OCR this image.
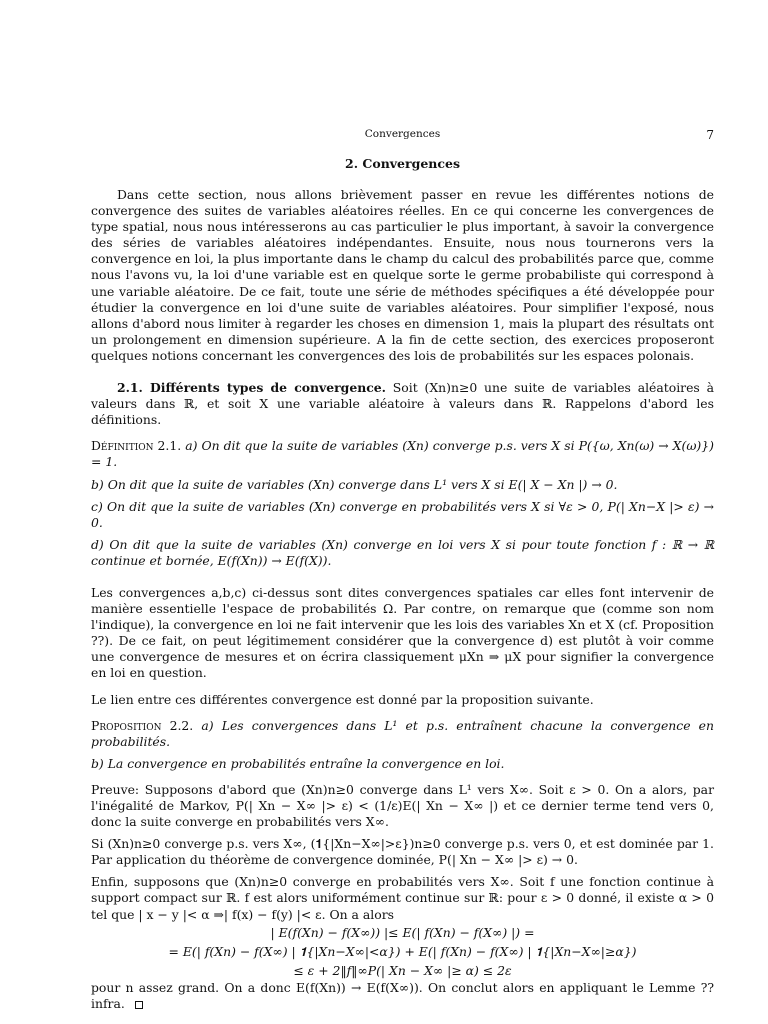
Convergences	7
2. Convergences

Dans cette section, nous allons brièvement passer en revue les différentes notions de convergence des suites de variables aléatoires réelles. En ce qui concerne les convergences de type spatial, nous nous intéresserons au cas particulier le plus important, à savoir la convergence des séries de variables aléatoires indépendantes. Ensuite, nous nous tournerons vers la convergence en loi, la plus importante dans le champ du calcul des probabilités parce que, comme nous l'avons vu, la loi d'une variable est en quelque sorte le germe probabiliste qui correspond à une variable aléatoire. De ce fait, toute une série de méthodes spécifiques a été développée pour étudier la convergence en loi d'une suite de variables aléatoires. Pour simplifier l'exposé, nous allons d'abord nous limiter à regarder les choses en dimension 1, mais la plupart des résultats ont un prolongement en dimension supérieure. A la fin de cette section, des exercices proposeront quelques notions concernant les convergences des lois de probabilités sur les espaces polonais.

2.1. Différents types de convergence. Soit (Xn)n≥0 une suite de variables aléatoires à valeurs dans ℝ, et soit X une variable aléatoire à valeurs dans ℝ. Rappelons d'abord les définitions.

Définition 2.1. a) On dit que la suite de variables (Xn) converge p.s. vers X si P({ω, Xn(ω) → X(ω)}) = 1.

b) On dit que la suite de variables (Xn) converge dans L¹ vers X si E(| X − Xn |) → 0.

c) On dit que la suite de variables (Xn) converge en probabilités vers X si ∀ε > 0, P(| Xn−X |> ε) → 0.

d) On dit que la suite de variables (Xn) converge en loi vers X si pour toute fonction f : ℝ → ℝ continue et bornée, E(f(Xn)) → E(f(X)).

Les convergences a,b,c) ci-dessus sont dites convergences spatiales car elles font intervenir de manière essentielle l'espace de probabilités Ω. Par contre, on remarque que (comme son nom l'indique), la convergence en loi ne fait intervenir que les lois des variables Xn et X (cf. Proposition ??). De ce fait, on peut légitimement considérer que la convergence d) est plutôt à voir comme une convergence de mesures et on écrira classiquement μXn ⇒ μX pour signifier la convergence en loi en question.

Le lien entre ces différentes convergence est donné par la proposition suivante.

Proposition 2.2. a) Les convergences dans L¹ et p.s. entraînent chacune la convergence en probabilités.

b) La convergence en probabilités entraîne la convergence en loi.

Preuve: Supposons d'abord que (Xn)n≥0 converge dans L¹ vers X∞. Soit ε > 0. On a alors, par l'inégalité de Markov, P(| Xn − X∞ |> ε) < (1/ε)E(| Xn − X∞ |) et ce dernier terme tend vers 0, donc la suite converge en probabilités vers X∞.

Si (Xn)n≥0 converge p.s. vers X∞, (𝟏{|Xn−X∞|>ε})n≥0 converge p.s. vers 0, et est dominée par 1. Par application du théorème de convergence dominée, P(| Xn − X∞ |> ε) → 0.

Enfin, supposons que (Xn)n≥0 converge en probabilités vers X∞. Soit f une fonction continue à support compact sur ℝ. f est alors uniformément continue sur ℝ: pour ε > 0 donné, il existe α > 0 tel que | x − y |< α ⇒| f(x) − f(y) |< ε. On a alors

| E(f(Xn) − f(X∞)) |≤ E(| f(Xn) − f(X∞) |) =
= E(| f(Xn) − f(X∞) | 𝟏{|Xn−X∞|<α}) + E(| f(Xn) − f(X∞) | 𝟏{|Xn−X∞|≥α})
≤ ε + 2‖f‖∞P(| Xn − X∞ |≥ α) ≤ 2ε

pour n assez grand. On a donc E(f(Xn)) → E(f(X∞)). On conclut alors en appliquant le Lemme ?? infra.
